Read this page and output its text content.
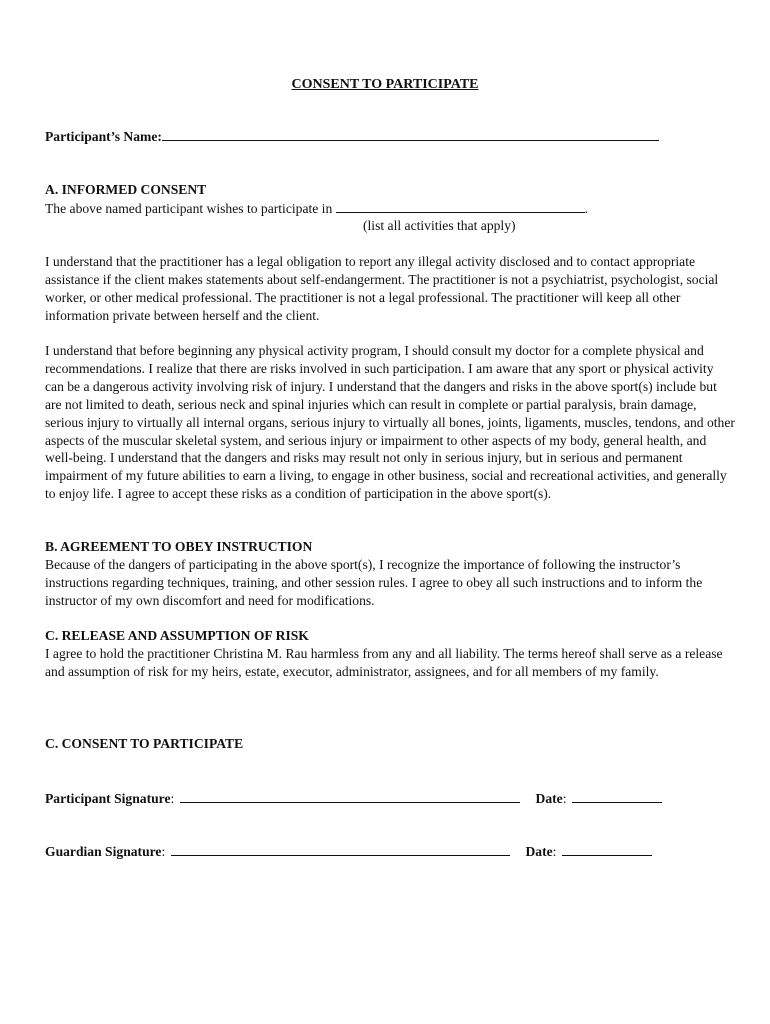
CONSENT TO PARTICIPATE
Participant’s Name:
A. INFORMED CONSENT
The above named participant wishes to participate in	.
(list all activities that apply)

I understand that the practitioner has a legal obligation to report any illegal activity disclosed and to contact appropriate assistance if the client makes statements about self-endangerment. The practitioner is not a psychiatrist, psychologist, social worker, or other medical professional. The practitioner is not a legal professional. The practitioner will keep all other information private between herself and the client.

I understand that before beginning any physical activity program, I should consult my doctor for a complete physical and recommendations. I realize that there are risks involved in such participation. I am aware that any sport or physical activity can be a dangerous activity involving risk of injury. I understand that the dangers and risks in the above sport(s) include but are not limited to death, serious neck and spinal injuries which can result in complete or partial paralysis, brain damage, serious injury to virtually all internal organs, serious injury to virtually all bones, joints, ligaments, muscles, tendons, and other aspects of the muscular skeletal system, and serious injury or impairment to other aspects of my body, general health, and well-being. I understand that the dangers and risks may result not only in serious injury, but in serious and permanent impairment of my future abilities to earn a living, to engage in other business, social and recreational activities, and generally to enjoy life. I agree to accept these risks as a condition of participation in the above sport(s).

B. AGREEMENT TO OBEY INSTRUCTION

Because of the dangers of participating in the above sport(s), I recognize the importance of following the instructor’s instructions regarding techniques, training, and other session rules. I agree to obey all such instructions and to inform the instructor of my own discomfort and need for modifications.

C. RELEASE AND ASSUMPTION OF RISK

I agree to hold the practitioner Christina M. Rau harmless from any and all liability. The terms hereof shall serve as a release and assumption of risk for my heirs, estate, executor, administrator, assignees, and for all members of my family.

C. CONSENT TO PARTICIPATE
Participant Signature:	Date:
Guardian Signature:	Date:
